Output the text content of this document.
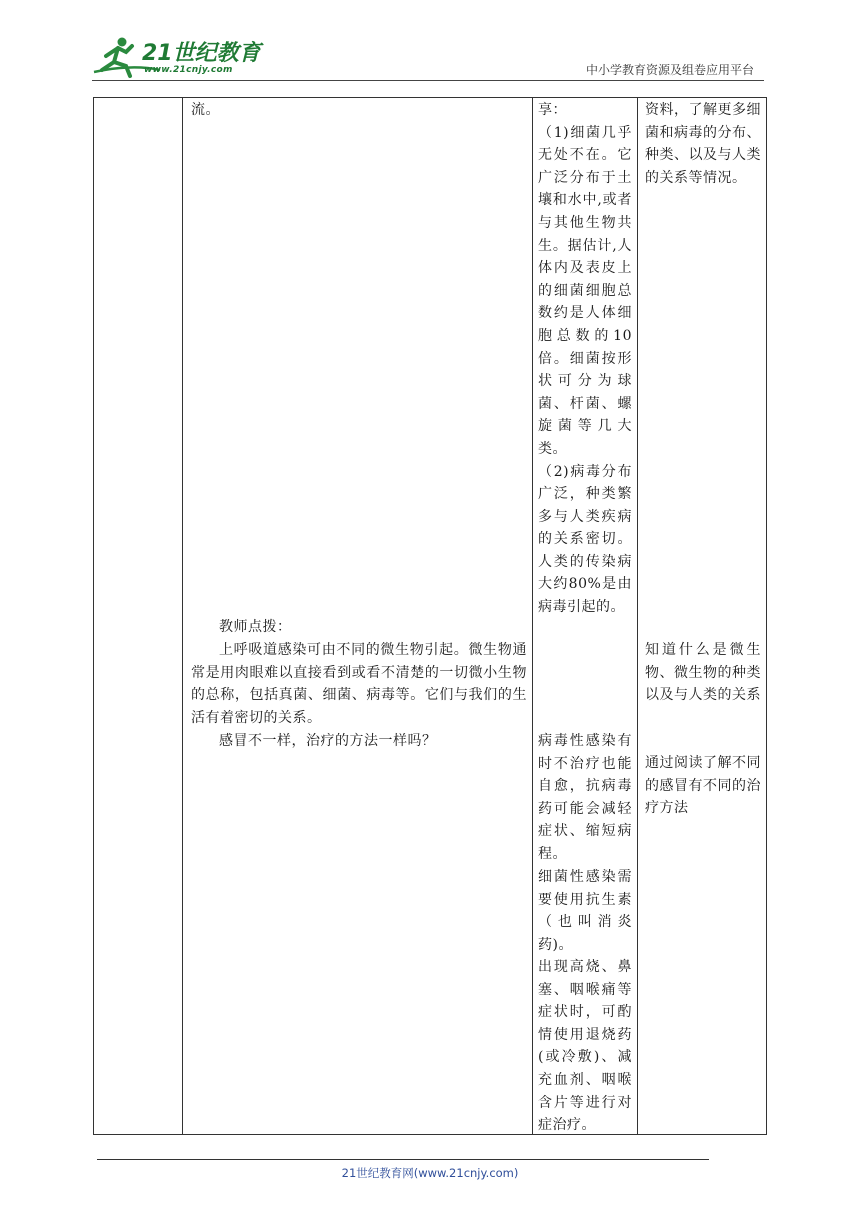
21世纪教育
www.21cnjy.com	中小学教育资源及组卷应用平台

流。

教师点拨：

上呼吸道感染可由不同的微生物引起。微生物通常是用肉眼难以直接看到或看不清楚的一切微小生物的总称，包括真菌、细菌、病毒等。它们与我们的生活有着密切的关系。

感冒不一样，治疗的方法一样吗？

享：

（1)细菌几乎无处不在。它广泛分布于土壤和水中,或者与其他生物共生。据估计,人体内及表皮上的细菌细胞总数约是人体细胞总数的10倍。细菌按形状可分为球菌、杆菌、螺旋菌等几大类。

（2)病毒分布广泛，种类繁多与人类疾病的关系密切。人类的传染病大约80%是由病毒引起的。

病毒性感染有时不治疗也能自愈，抗病毒药可能会减轻症状、缩短病程。

细菌性感染需要使用抗生素（也叫消炎药)。

出现高烧、鼻塞、咽喉痛等症状时，可酌情使用退烧药(或冷敷)、减充血剂、咽喉含片等进行对症治疗。

资料，了解更多细菌和病毒的分布、种类、以及与人类的关系等情况。

知道什么是微生物、微生物的种类以及与人类的关系

通过阅读了解不同的感冒有不同的治疗方法

21世纪教育网(www.21cnjy.com)
